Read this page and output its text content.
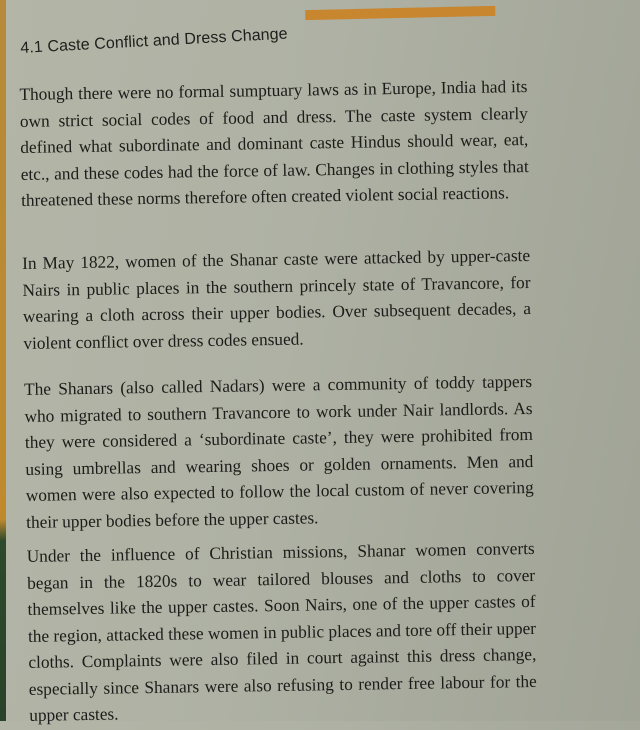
4.1 Caste Conflict and Dress Change

Though there were no formal sumptuary laws as in Europe, India had its own strict social codes of food and dress. The caste system clearly defined what subordinate and dominant caste Hindus should wear, eat, etc., and these codes had the force of law. Changes in clothing styles that threatened these norms therefore often created violent social reactions.

In May 1822, women of the Shanar caste were attacked by upper-caste Nairs in public places in the southern princely state of Travancore, for wearing a cloth across their upper bodies. Over subsequent decades, a violent conflict over dress codes ensued.

The Shanars (also called Nadars) were a community of toddy tappers who migrated to southern Travancore to work under Nair landlords. As they were considered a ‘subordinate caste’, they were prohibited from using umbrellas and wearing shoes or golden ornaments. Men and women were also expected to follow the local custom of never covering their upper bodies before the upper castes.

Under the influence of Christian missions, Shanar women converts began in the 1820s to wear tailored blouses and cloths to cover themselves like the upper castes. Soon Nairs, one of the upper castes of the region, attacked these women in public places and tore off their upper cloths. Complaints were also filed in court against this dress change, especially since Shanars were also refusing to render free labour for the upper castes.
